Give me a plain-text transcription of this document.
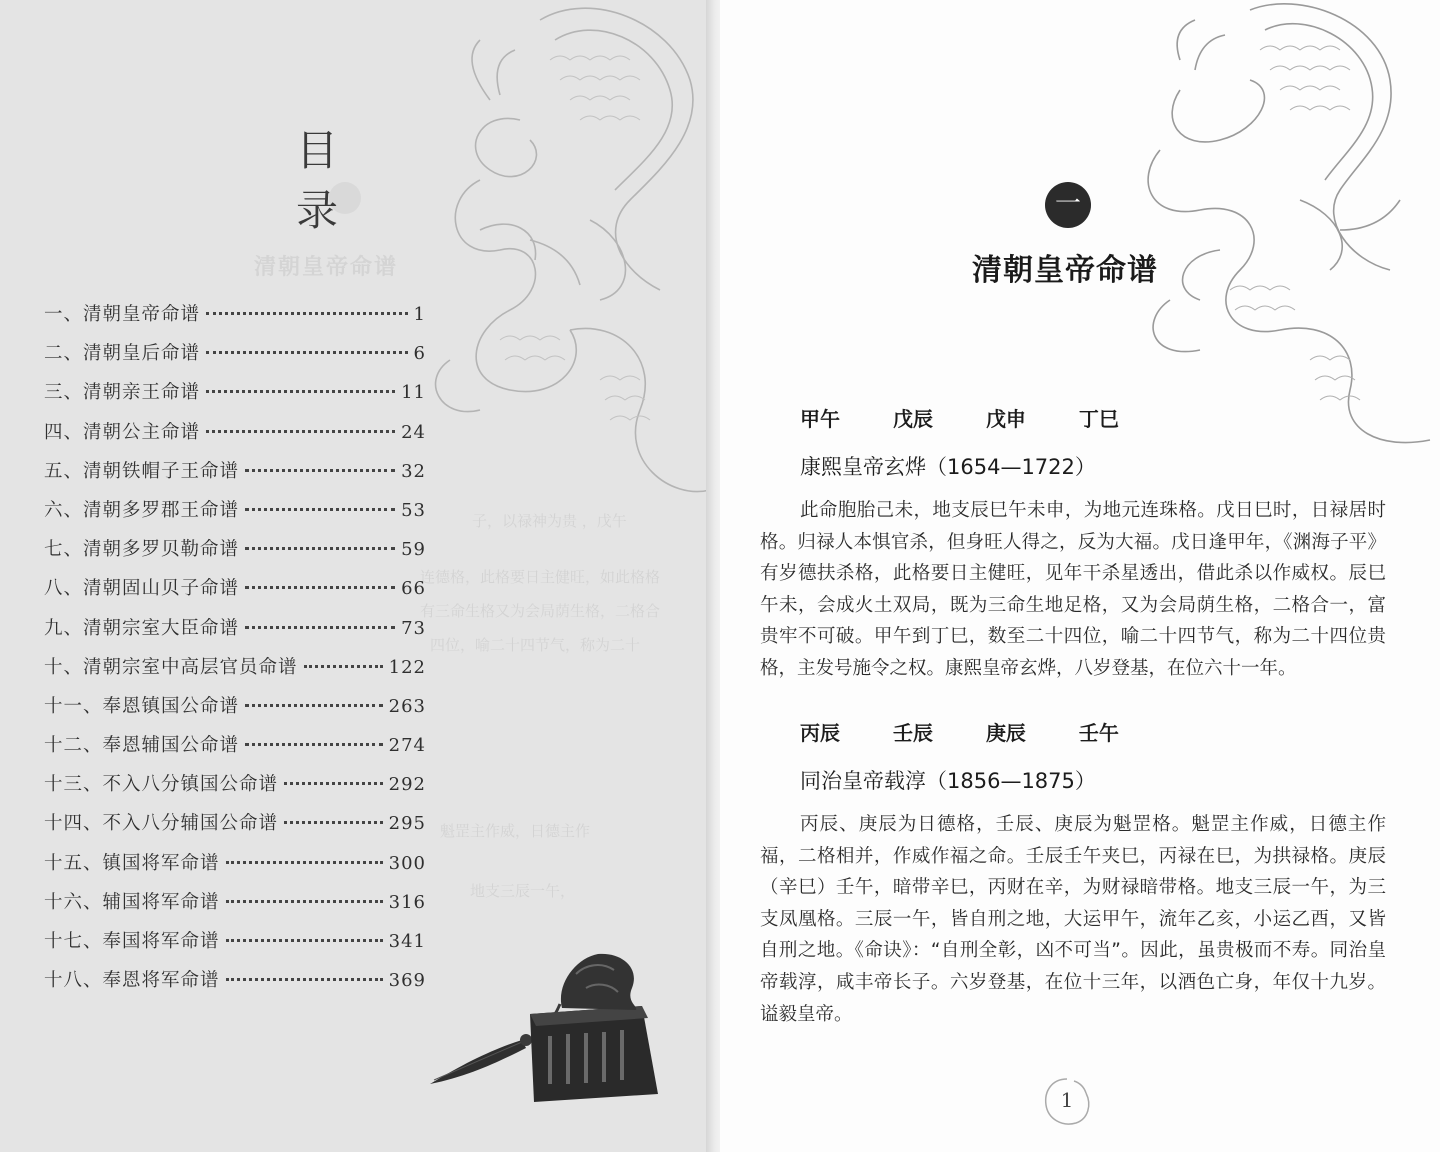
清朝皇帝命谱
子，以禄神为贵 ，戊午
连德格，此格要日主健旺，如此格格
有三命生格又为会局荫生格，二格合
四位，喻二十四节气，称为二十
魁罡主作威，日德主作
地支三辰一午，
目 录
一、清朝皇帝命谱	1
二、清朝皇后命谱	6
三、清朝亲王命谱	11
四、清朝公主命谱	24
五、清朝铁帽子王命谱	32
六、清朝多罗郡王命谱	53
七、清朝多罗贝勒命谱	59
八、清朝固山贝子命谱	66
九、清朝宗室大臣命谱	73
十、清朝宗室中高层官员命谱	122
十一、奉恩镇国公命谱	263
十二、奉恩辅国公命谱	274
十三、不入八分镇国公命谱	292
十四、不入八分辅国公命谱	295
十五、镇国将军命谱	300
十六、辅国将军命谱	316
十七、奉国将军命谱	341
十八、奉恩将军命谱	369
一
清朝皇帝命谱
甲午	戊辰	戊申	丁巳
康熙皇帝玄烨（1654—1722）

此命胞胎己未，地支辰巳午未申，为地元连珠格。戊日巳时，日禄居时格。归禄人本惧官杀，但身旺人得之，反为大福。戊日逢甲年，《渊海子平》有岁德扶杀格，此格要日主健旺，见年干杀星透出，借此杀以作威权。辰巳午未，会成火土双局，既为三命生地足格，又为会局荫生格，二格合一，富贵牢不可破。甲午到丁巳，数至二十四位，喻二十四节气，称为二十四位贵格，主发号施令之权。康熙皇帝玄烨，八岁登基，在位六十一年。

丙辰	壬辰	庚辰	壬午
同治皇帝载淳（1856—1875）

丙辰、庚辰为日德格，壬辰、庚辰为魁罡格。魁罡主作威，日德主作福，二格相并，作威作福之命。壬辰壬午夹巳，丙禄在巳，为拱禄格。庚辰（辛巳）壬午，暗带辛巳，丙财在辛，为财禄暗带格。地支三辰一午，为三支凤凰格。三辰一午，皆自刑之地，大运甲午，流年乙亥，小运乙酉，又皆自刑之地。《命诀》：“自刑全彰，凶不可当”。因此，虽贵极而不寿。同治皇帝载淳，咸丰帝长子。六岁登基，在位十三年，以酒色亡身，年仅十九岁。谥毅皇帝。

1
